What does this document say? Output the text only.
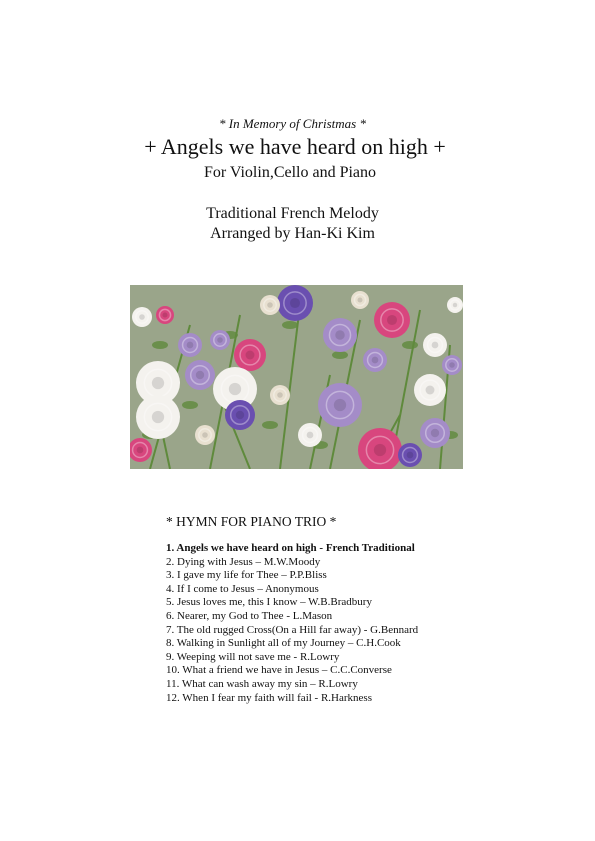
* In Memory of Christmas *
+ Angels we have heard on high +
For Violin,Cello and Piano
Traditional French Melody
Arranged by Han-Ki Kim
* HYMN FOR PIANO TRIO *
1. Angels we have heard on high - French Traditional
2. Dying with Jesus – M.W.Moody
3. I gave my life for Thee – P.P.Bliss
4. If I come to Jesus – Anonymous
5. Jesus loves me, this I know – W.B.Bradbury
6. Nearer, my God to Thee - L.Mason
7. The old rugged Cross(On a Hill far away) - G.Bennard
8. Walking in Sunlight all of my Journey – C.H.Cook
9. Weeping will not save me - R.Lowry
10. What a friend we have in Jesus – C.C.Converse
11. What can wash away my sin – R.Lowry
12. When I fear my faith will fail - R.Harkness
